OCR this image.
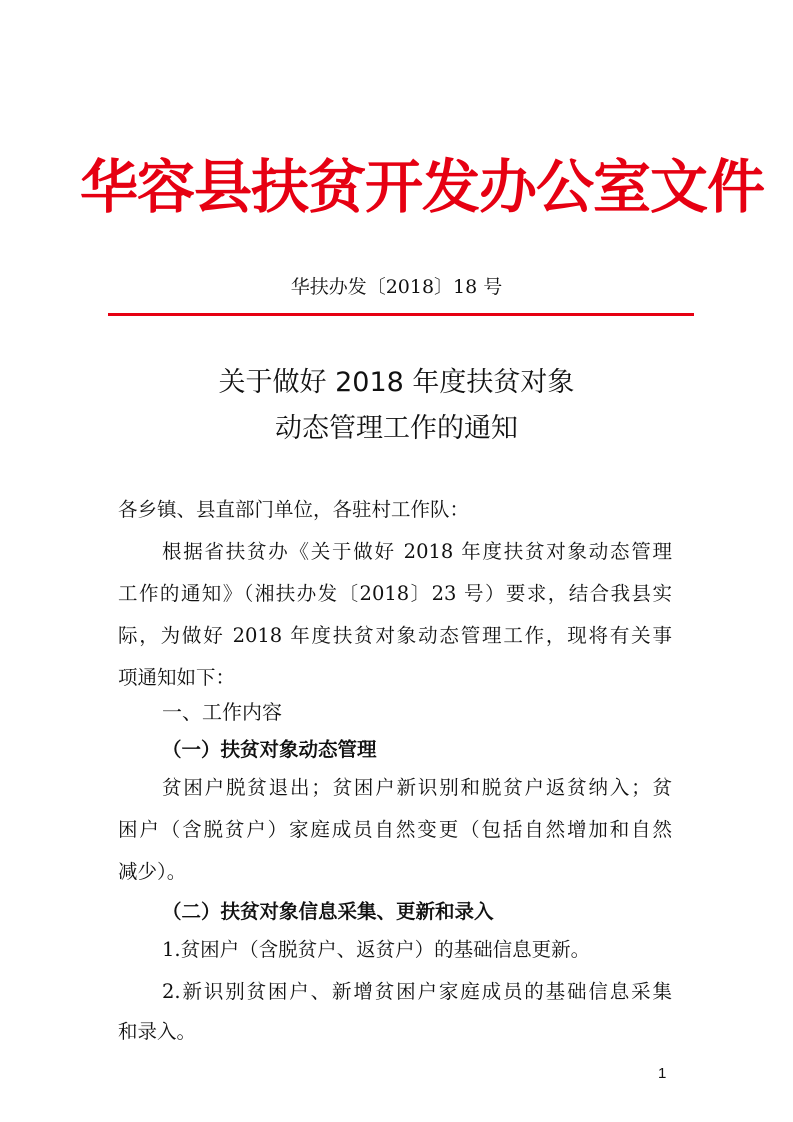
华容县扶贫开发办公室文件
华扶办发〔2018〕18 号
关于做好 2018 年度扶贫对象
动态管理工作的通知
各乡镇、县直部门单位，各驻村工作队：
根据省扶贫办《关于做好 2018 年度扶贫对象动态管理
工作的通知》（湘扶办发〔2018〕23 号）要求，结合我县实
际，为做好 2018 年度扶贫对象动态管理工作，现将有关事
项通知如下：
一、工作内容
（一）扶贫对象动态管理
贫困户脱贫退出；贫困户新识别和脱贫户返贫纳入；贫
困户（含脱贫户）家庭成员自然变更（包括自然增加和自然
减少）。
（二）扶贫对象信息采集、更新和录入
1.贫困户（含脱贫户、返贫户）的基础信息更新。
2.新识别贫困户、新增贫困户家庭成员的基础信息采集
和录入。
1
